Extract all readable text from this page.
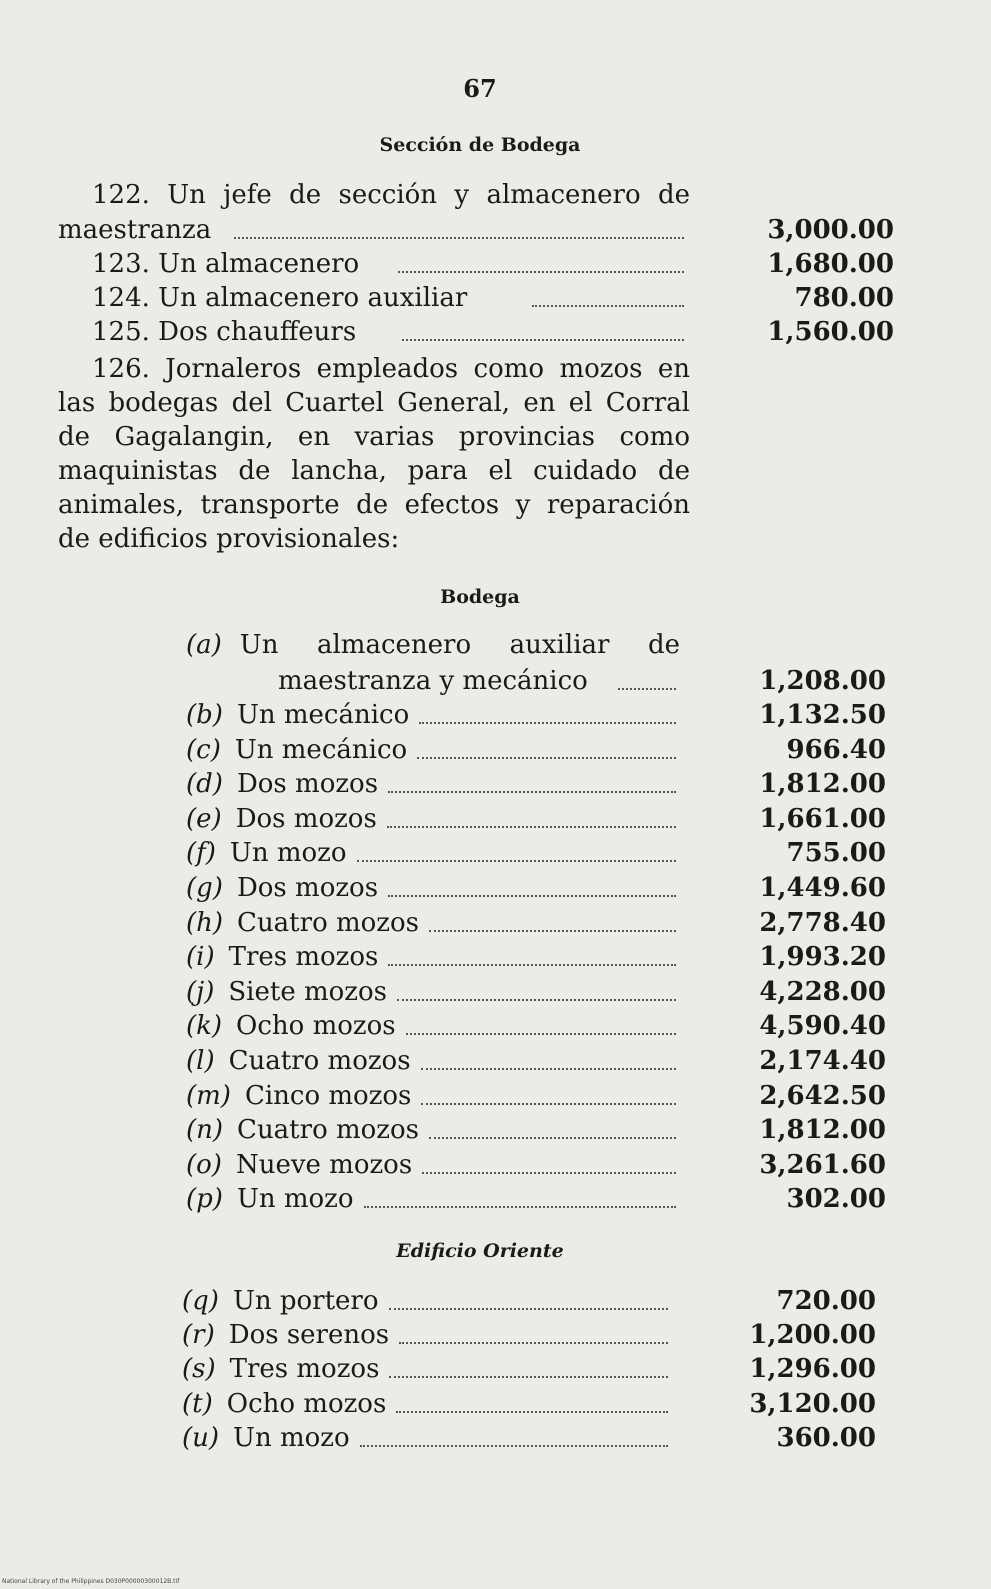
67
Sección de Bodega
122. Un jefe de sección y almacenero de
maestranza	3,000.00
123. Un almacenero	1,680.00
124. Un almacenero auxiliar	780.00
125. Dos chauffeurs	1,560.00
126. Jornaleros empleados como mozos en
las bodegas del Cuartel General, en el Corral
de Gagalangin, en varias provincias como
maquinistas de lancha, para el cuidado de
animales, transporte de efectos y reparación
de edificios provisionales:
Bodega
(a) Un almacenero auxiliar de
maestranza y mecánico	1,208.00
(b) Un mecánico	1,132.50
(c) Un mecánico	966.40
(d) Dos mozos	1,812.00
(e) Dos mozos	1,661.00
(f) Un mozo	755.00
(g) Dos mozos	1,449.60
(h) Cuatro mozos	2,778.40
(i) Tres mozos	1,993.20
(j) Siete mozos	4,228.00
(k) Ocho mozos	4,590.40
(l) Cuatro mozos	2,174.40
(m) Cinco mozos	2,642.50
(n) Cuatro mozos	1,812.00
(o) Nueve mozos	3,261.60
(p) Un mozo	302.00
Edificio Oriente
(q) Un portero	720.00
(r) Dos serenos	1,200.00
(s) Tres mozos	1,296.00
(t) Ocho mozos	3,120.00
(u) Un mozo	360.00
National Library of the Philippines D030P00000300012B.tif
